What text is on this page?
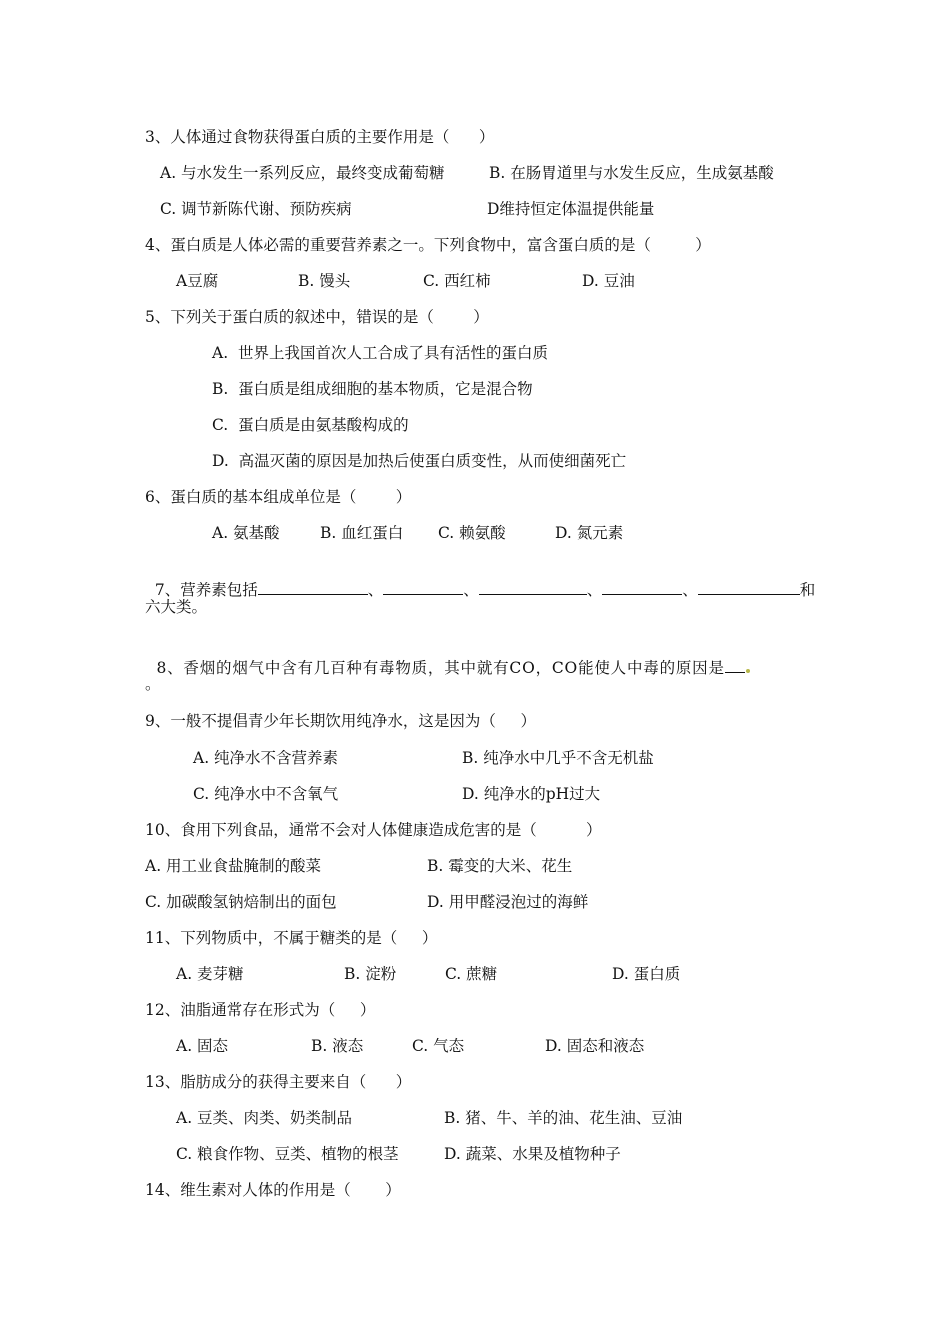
3、人体通过食物获得蛋白质的主要作用是（      ）
A. 与水发生一系列反应，最终变成葡萄糖	B. 在肠胃道里与水发生反应，生成氨基酸
C. 调节新陈代谢、预防疾病	D维持恒定体温提供能量
4、蛋白质是人体必需的重要营养素之一。下列食物中，富含蛋白质的是（         ）
A豆腐	B. 馒头	C. 西红柿	D. 豆油
5、下列关于蛋白质的叙述中，错误的是（        ）
A.  世界上我国首次人工合成了具有活性的蛋白质
B.  蛋白质是组成细胞的基本物质，它是混合物
C.  蛋白质是由氨基酸构成的
D.  高温灭菌的原因是加热后使蛋白质变性，从而使细菌死亡
6、蛋白质的基本组成单位是（        ）
A. 氨基酸	B. 血红蛋白 C. 赖氨酸	D. 氮元素

7、营养素包括	、	、	、	、	和

六大类。

8、香烟的烟气中含有几百种有毒物质，其中就有CO，CO能使人中毒的原因是

。
9、一般不提倡青少年长期饮用纯净水，这是因为（     ）
A. 纯净水不含营养素	B. 纯净水中几乎不含无机盐
C. 纯净水中不含氧气	D. 纯净水的pH过大
10、食用下列食品，通常不会对人体健康造成危害的是（          ）
A. 用工业食盐腌制的酸菜	B. 霉变的大米、花生
C. 加碳酸氢钠焙制出的面包	D. 用甲醛浸泡过的海鲜
11、下列物质中，不属于糖类的是（     ）
A. 麦芽糖	B. 淀粉	C. 蔗糖	D. 蛋白质
12、油脂通常存在形式为（     ）
A. 固态	B. 液态	C. 气态	D. 固态和液态
13、脂肪成分的获得主要来自（      ）
A. 豆类、肉类、奶类制品	B. 猪、牛、羊的油、花生油、豆油
C. 粮食作物、豆类、植物的根茎	D. 蔬菜、水果及植物种子
14、维生素对人体的作用是（       ）
